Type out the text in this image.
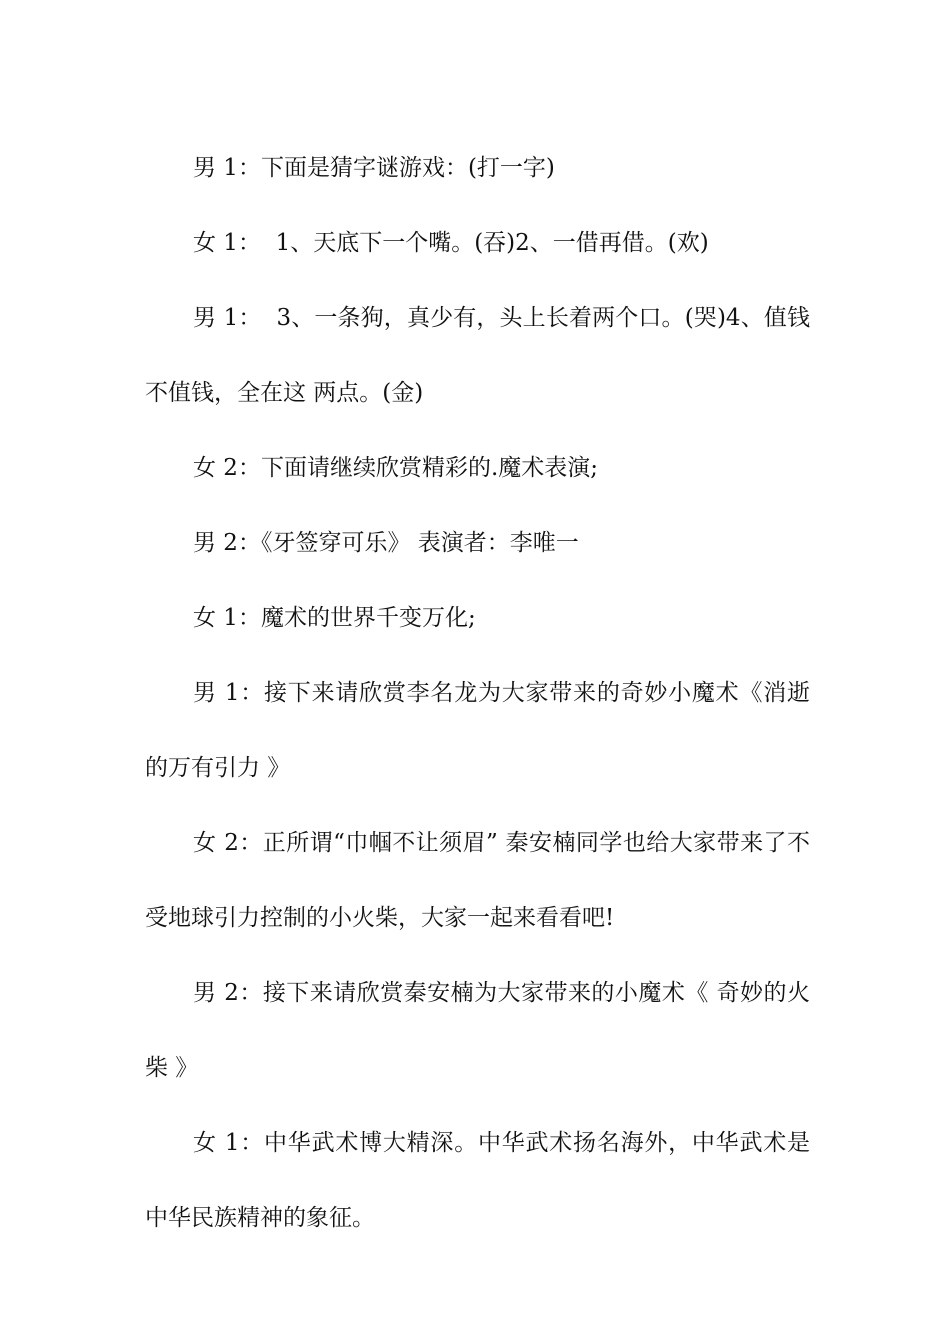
男 1：下面是猜字谜游戏：(打一字)

女 1：  1、天底下一个嘴。(吞)2、一借再借。(欢)

男 1：  3、一条狗，真少有，头上长着两个口。(哭)4、值钱不值钱，全在这 两点。(金)

女 2：下面请继续欣赏精彩的.魔术表演;

男 2：《牙签穿可乐》 表演者：李唯一

女 1：魔术的世界千变万化;

男 1：接下来请欣赏李名龙为大家带来的奇妙小魔术《消逝的万有引力 》

女 2：正所谓“巾帼不让须眉” 秦安楠同学也给大家带来了不受地球引力控制的小火柴，大家一起来看看吧!

男 2：接下来请欣赏秦安楠为大家带来的小魔术《 奇妙的火柴 》

女 1：中华武术博大精深。中华武术扬名海外，中华武术是中华民族精神的象征。
